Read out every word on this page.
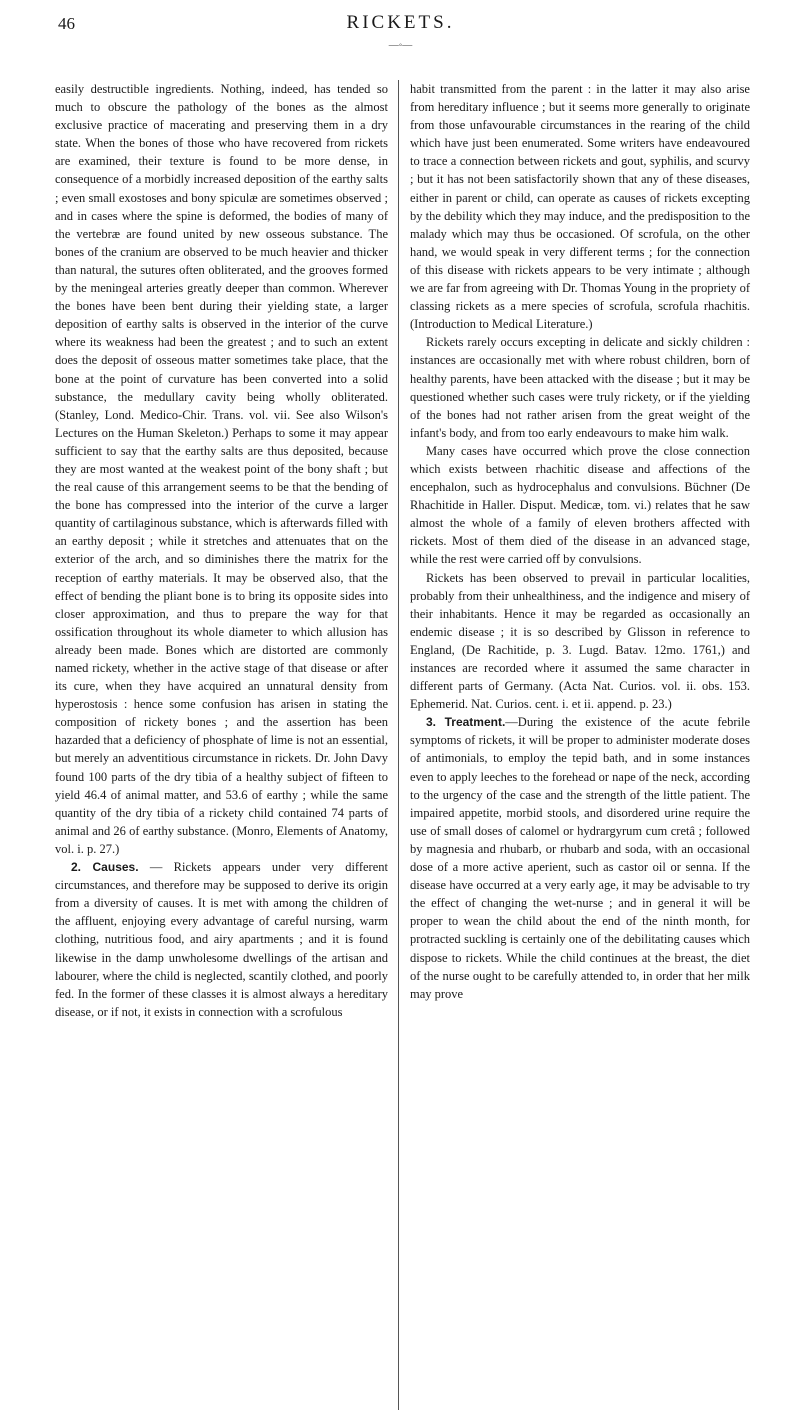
46	RICKETS.
—◦—

easily destructible ingredients. Nothing, indeed, has tended so much to obscure the pathology of the bones as the almost exclusive practice of macerating and preserving them in a dry state. When the bones of those who have recovered from rickets are examined, their texture is found to be more dense, in consequence of a morbidly increased deposition of the earthy salts ; even small exostoses and bony spiculæ are sometimes observed ; and in cases where the spine is deformed, the bodies of many of the vertebræ are found united by new osseous substance. The bones of the cranium are observed to be much heavier and thicker than natural, the sutures often obliterated, and the grooves formed by the meningeal arteries greatly deeper than common. Wherever the bones have been bent during their yielding state, a larger deposition of earthy salts is observed in the interior of the curve where its weakness had been the greatest ; and to such an extent does the deposit of osseous matter sometimes take place, that the bone at the point of curvature has been converted into a solid substance, the medullary cavity being wholly obliterated. (Stanley, Lond. Medico-Chir. Trans. vol. vii. See also Wilson's Lectures on the Human Skeleton.) Perhaps to some it may appear sufficient to say that the earthy salts are thus deposited, because they are most wanted at the weakest point of the bony shaft ; but the real cause of this arrangement seems to be that the bending of the bone has compressed into the interior of the curve a larger quantity of cartilaginous substance, which is afterwards filled with an earthy deposit ; while it stretches and attenuates that on the exterior of the arch, and so diminishes there the matrix for the reception of earthy materials. It may be observed also, that the effect of bending the pliant bone is to bring its opposite sides into closer approximation, and thus to prepare the way for that ossification throughout its whole diameter to which allusion has already been made. Bones which are distorted are commonly named rickety, whether in the active stage of that disease or after its cure, when they have acquired an unnatural density from hyperostosis : hence some confusion has arisen in stating the composition of rickety bones ; and the assertion has been hazarded that a deficiency of phosphate of lime is not an essential, but merely an adventitious circumstance in rickets. Dr. John Davy found 100 parts of the dry tibia of a healthy subject of fifteen to yield 46.4 of animal matter, and 53.6 of earthy ; while the same quantity of the dry tibia of a rickety child contained 74 parts of animal and 26 of earthy substance. (Monro, Elements of Anatomy, vol. i. p. 27.)

2. Causes. — Rickets appears under very different circumstances, and therefore may be supposed to derive its origin from a diversity of causes. It is met with among the children of the affluent, enjoying every advantage of careful nursing, warm clothing, nutritious food, and airy apartments ; and it is found likewise in the damp unwholesome dwellings of the artisan and labourer, where the child is neglected, scantily clothed, and poorly fed. In the former of these classes it is almost always a hereditary disease, or if not, it exists in connection with a scrofulous

habit transmitted from the parent : in the latter it may also arise from hereditary influence ; but it seems more generally to originate from those unfavourable circumstances in the rearing of the child which have just been enumerated. Some writers have endeavoured to trace a connection between rickets and gout, syphilis, and scurvy ; but it has not been satisfactorily shown that any of these diseases, either in parent or child, can operate as causes of rickets excepting by the debility which they may induce, and the predisposition to the malady which may thus be occasioned. Of scrofula, on the other hand, we would speak in very different terms ; for the connection of this disease with rickets appears to be very intimate ; although we are far from agreeing with Dr. Thomas Young in the propriety of classing rickets as a mere species of scrofula, scrofula rhachitis. (Introduction to Medical Literature.)

Rickets rarely occurs excepting in delicate and sickly children : instances are occasionally met with where robust children, born of healthy parents, have been attacked with the disease ; but it may be questioned whether such cases were truly rickety, or if the yielding of the bones had not rather arisen from the great weight of the infant's body, and from too early endeavours to make him walk.

Many cases have occurred which prove the close connection which exists between rhachitic disease and affections of the encephalon, such as hydrocephalus and convulsions. Büchner (De Rhachitide in Haller. Disput. Medicæ, tom. vi.) relates that he saw almost the whole of a family of eleven brothers affected with rickets. Most of them died of the disease in an advanced stage, while the rest were carried off by convulsions.

Rickets has been observed to prevail in particular localities, probably from their unhealthiness, and the indigence and misery of their inhabitants. Hence it may be regarded as occasionally an endemic disease ; it is so described by Glisson in reference to England, (De Rachitide, p. 3. Lugd. Batav. 12mo. 1761,) and instances are recorded where it assumed the same character in different parts of Germany. (Acta Nat. Curios. vol. ii. obs. 153. Ephemerid. Nat. Curios. cent. i. et ii. append. p. 23.)

3. Treatment.—During the existence of the acute febrile symptoms of rickets, it will be proper to administer moderate doses of antimonials, to employ the tepid bath, and in some instances even to apply leeches to the forehead or nape of the neck, according to the urgency of the case and the strength of the little patient. The impaired appetite, morbid stools, and disordered urine require the use of small doses of calomel or hydrargyrum cum cretâ ; followed by magnesia and rhubarb, or rhubarb and soda, with an occasional dose of a more active aperient, such as castor oil or senna. If the disease have occurred at a very early age, it may be advisable to try the effect of changing the wet-nurse ; and in general it will be proper to wean the child about the end of the ninth month, for protracted suckling is certainly one of the debilitating causes which dispose to rickets. While the child continues at the breast, the diet of the nurse ought to be carefully attended to, in order that her milk may prove
